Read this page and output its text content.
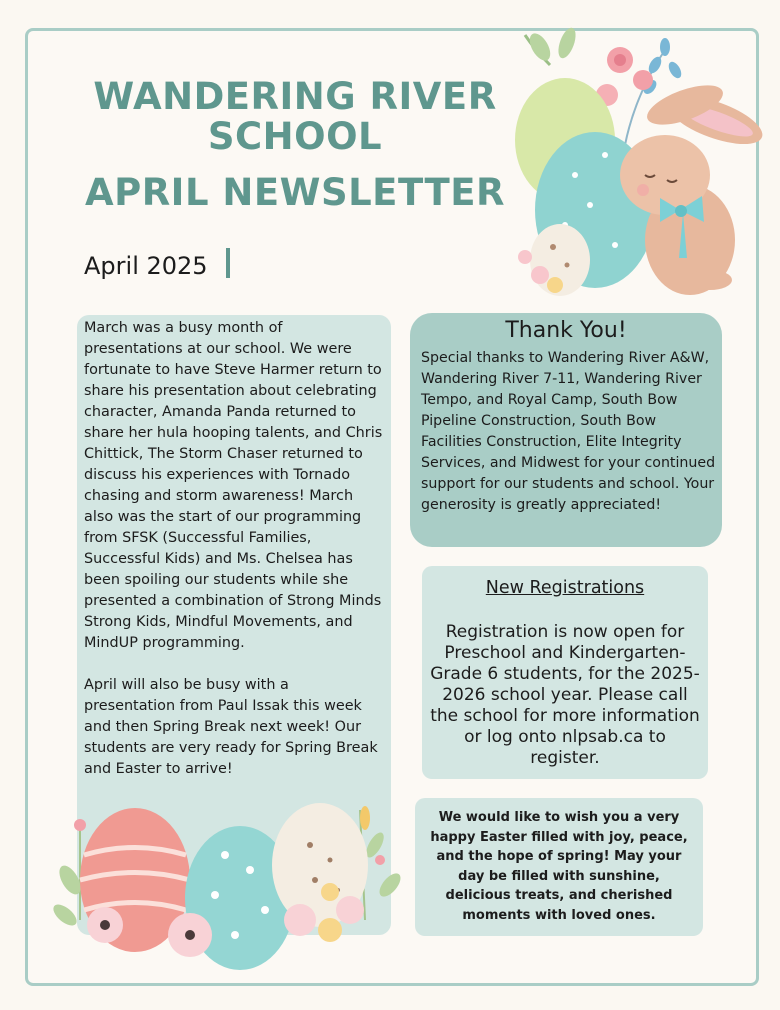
WANDERING RIVER
SCHOOL
APRIL NEWSLETTER
April 2025

March was a busy month of presentations at our school. We were fortunate to have Steve Harmer return to share his presentation about celebrating character, Amanda Panda returned to share her hula hooping talents, and Chris Chittick, The Storm Chaser returned to discuss his experiences with Tornado chasing and storm awareness! March also was the start of our programming from SFSK (Successful Families, Successful Kids) and Ms. Chelsea has been spoiling our students while she presented a combination of Strong Minds Strong Kids, Mindful Movements, and MindUP programming.

April will also be busy with a presentation from Paul Issak this week and then Spring Break next week! Our students are very ready for Spring Break and Easter to arrive!

Thank You!
Special thanks to Wandering River A&W, Wandering River 7-11, Wandering River Tempo, and Royal Camp, South Bow Pipeline Construction, South Bow Facilities Construction, Elite Integrity Services, and Midwest for your continued support for our students and school. Your generosity is greatly appreciated!
New Registrations
Registration is now open for Preschool and Kindergarten-Grade 6 students, for the 2025-2026 school year. Please call the school for more information or log onto nlpsab.ca to register.
We would like to wish you a very happy Easter filled with joy, peace, and the hope of spring! May your day be filled with sunshine, delicious treats, and cherished moments with loved ones.
